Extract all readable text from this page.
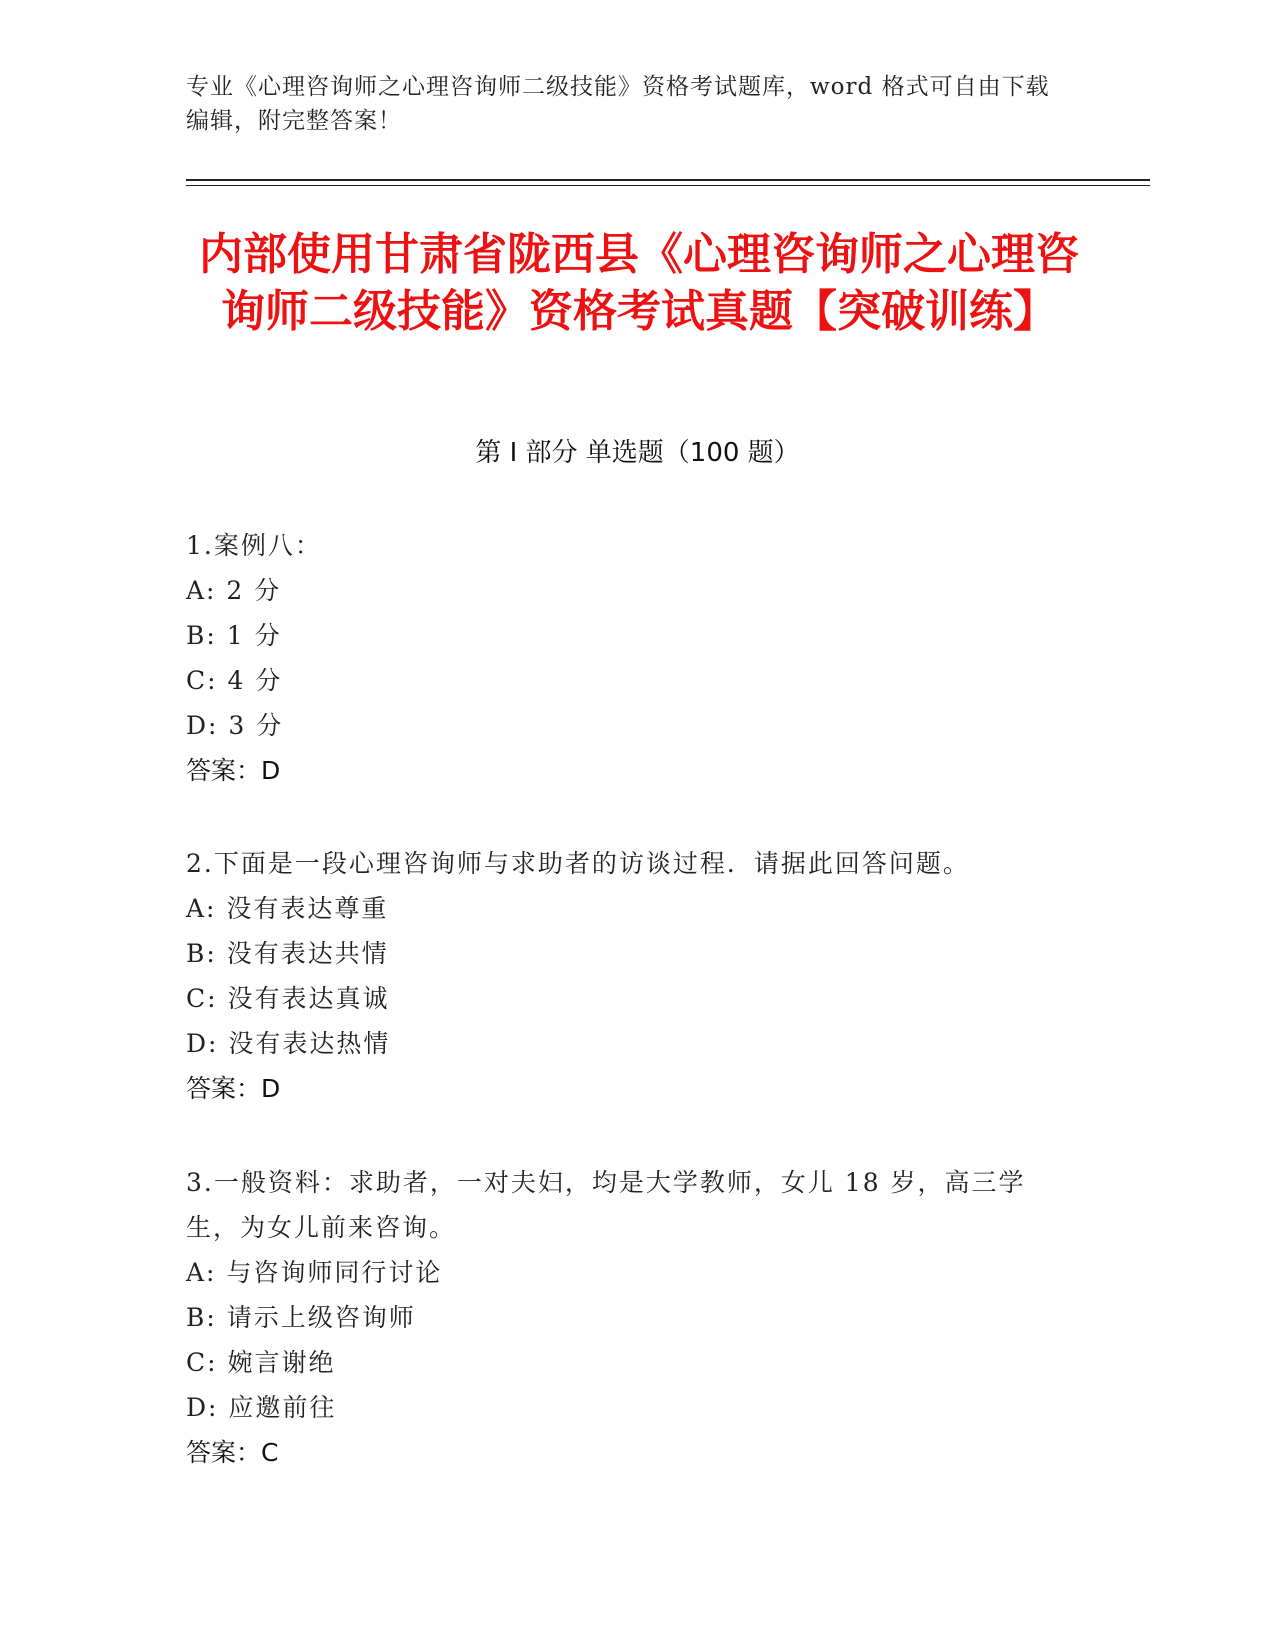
专业《心理咨询师之心理咨询师二级技能》资格考试题库，word 格式可自由下载编辑，附完整答案！
内部使用甘肃省陇西县《心理咨询师之心理咨询师二级技能》资格考试真题【突破训练】
第 I 部分 单选题（100 题）
1.案例八：
A: 2 分
B: 1 分
C: 4 分
D: 3 分
答案：D
2.下面是一段心理咨询师与求助者的访谈过程．请据此回答问题。
A: 没有表达尊重
B: 没有表达共情
C: 没有表达真诚
D: 没有表达热情
答案：D
3.一般资料：求助者，一对夫妇，均是大学教师，女儿 18 岁，高三学生，为女儿前来咨询。
A: 与咨询师同行讨论
B: 请示上级咨询师
C: 婉言谢绝
D: 应邀前往
答案：C
